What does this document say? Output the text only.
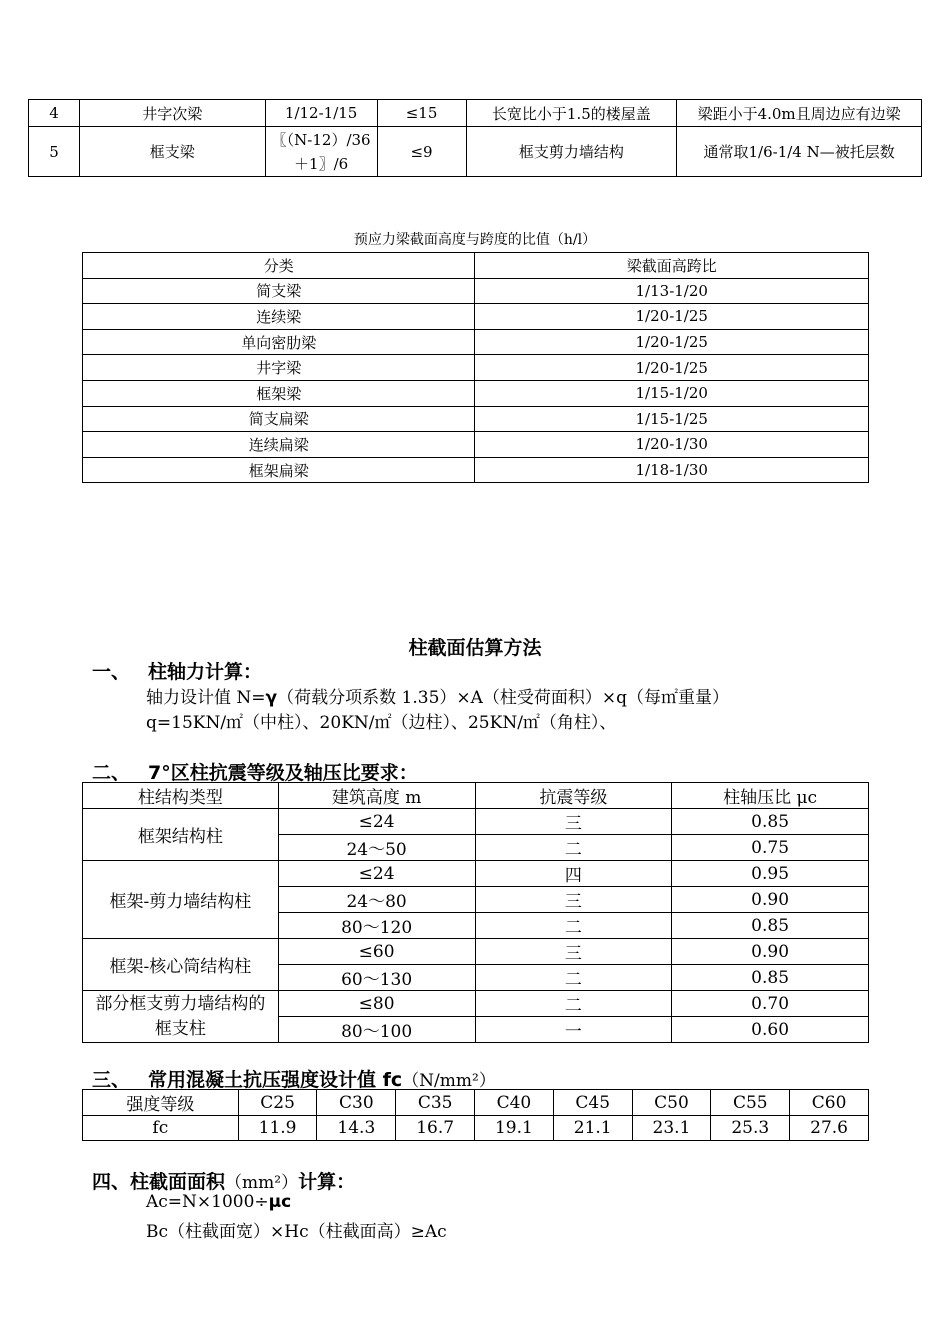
4	井字次梁	1/12-1/15	≤15	长宽比小于1.5的楼屋盖	梁距小于4.0m且周边应有边梁
5	框支梁	〖（N-12）/36＋1〗/6	≤9	框支剪力墙结构	通常取1/6-1/4 N—被托层数
预应力梁截面高度与跨度的比值（h/l）
分类	梁截面高跨比
简支梁	1/13-1/20
连续梁	1/20-1/25
单向密肋梁	1/20-1/25
井字梁	1/20-1/25
框架梁	1/15-1/20
简支扁梁	1/15-1/25
连续扁梁	1/20-1/30
框架扁梁	1/18-1/30
柱截面估算方法
一、 柱轴力计算：
轴力设计值 N=γ（荷载分项系数 1.35）×A（柱受荷面积）×q（每㎡重量）
q=15KN/㎡（中柱）、20KN/㎡（边柱）、25KN/㎡（角柱）、
二、 7°区柱抗震等级及轴压比要求：
柱结构类型	建筑高度 m	抗震等级	柱轴压比 μc
框架结构柱	≤24	三	0.85
	24～50	二	0.75
框架-剪力墙结构柱	≤24	四	0.95
	24～80	三	0.90
	80～120	二	0.85
框架-核心筒结构柱	≤60	三	0.90
	60～130	二	0.85
部分框支剪力墙结构的框支柱	≤80	二	0.70
	80～100	一	0.60
三、 常用混凝土抗压强度设计值 fc（N/mm²）
强度等级	C25	C30	C35	C40	C45	C50	C55	C60
fc	11.9	14.3	16.7	19.1	21.1	23.1	25.3	27.6
四、柱截面面积（mm²）计算：
Ac=N×1000÷μc
Bc（柱截面宽）×Hc（柱截面高）≥Ac
